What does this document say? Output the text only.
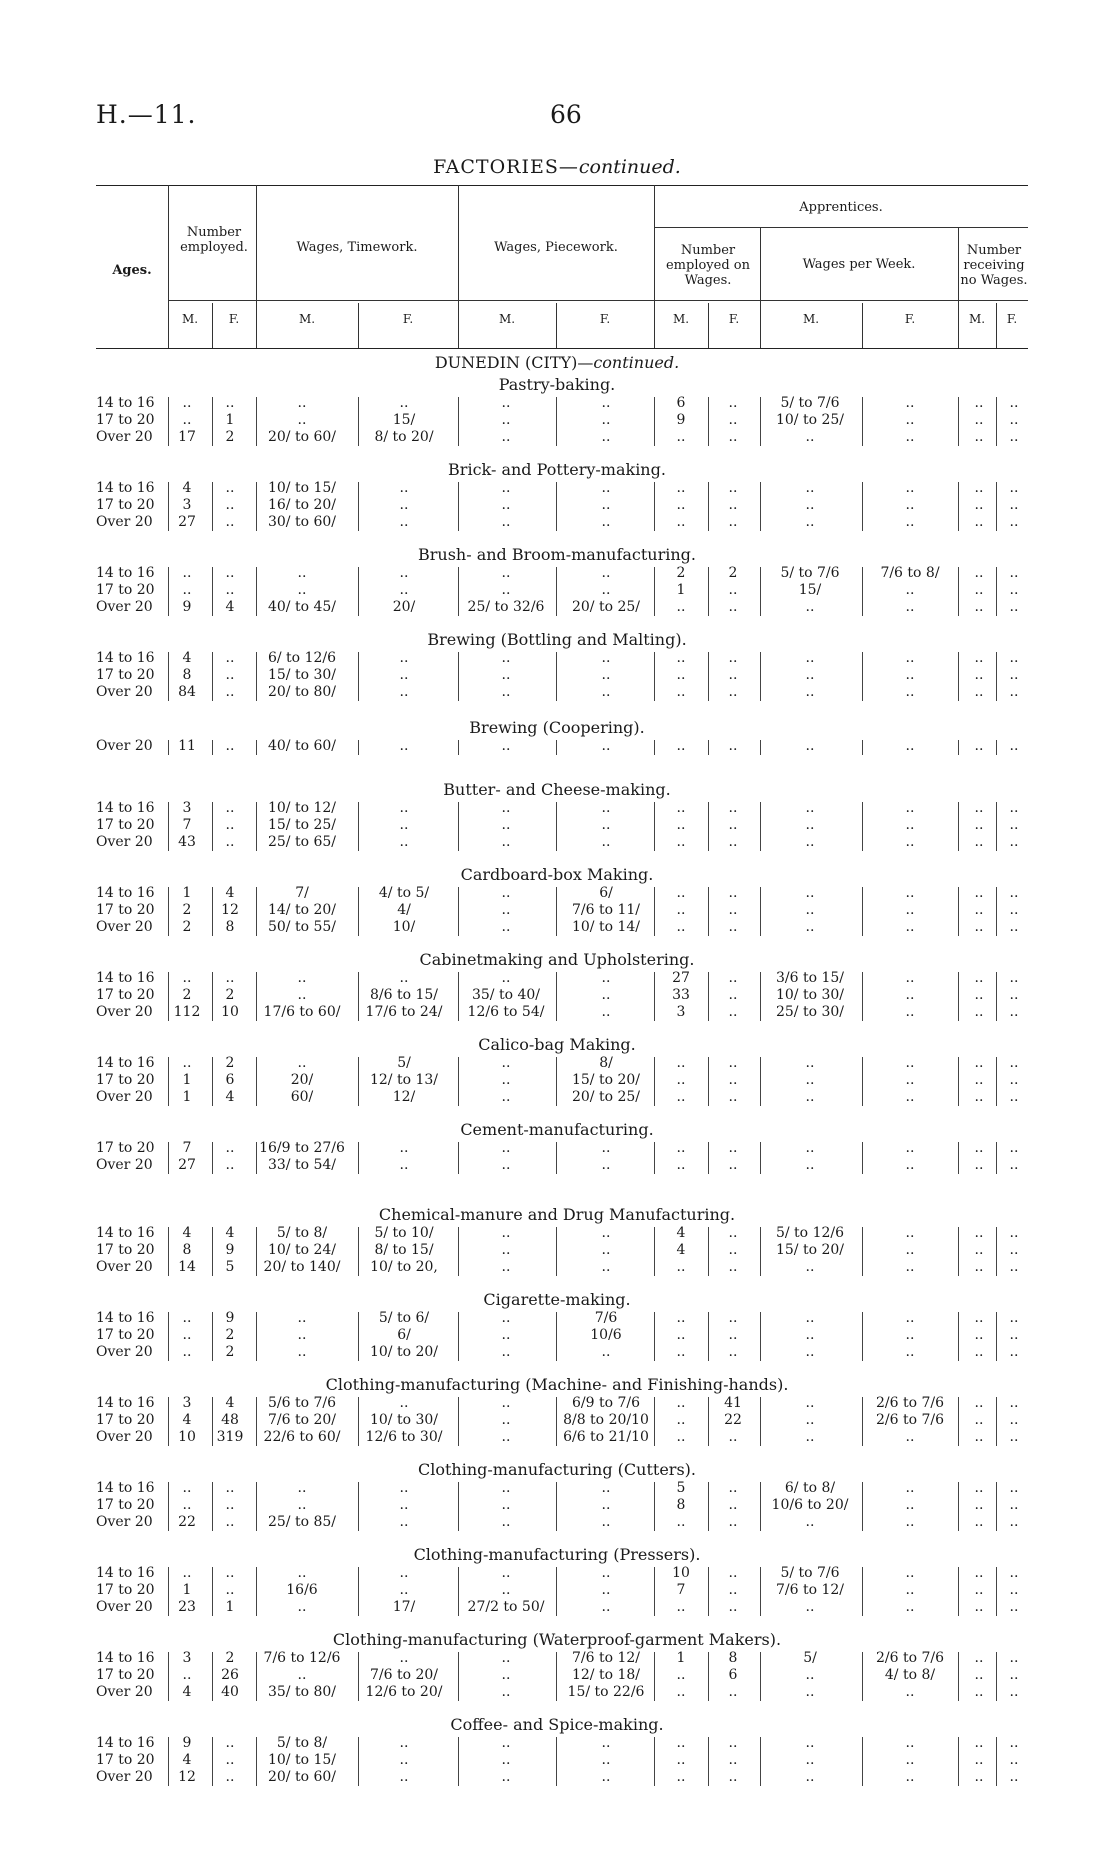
H.—11.	66
FACTORIES—continued.
Ages.
Number employed.	Wages, Timework.	Wages, Piecework.
Apprentices.
Number employed on Wages.
Wages per Week.
Number receiving no Wages.
M.	F.	M.	F.	M.	F.	M.	F.	M.	F.	M.	F.
DUNEDIN (CITY)—continued.
Pastry-baking.
14 to 16	..	..	..	..	..	..	6	..	5/ to 7/6	..	..	..
17 to 20	..	1	..	15/	..	..	9	..	10/ to 25/	..	..	..
Over 20	17	2	20/ to 60/	8/ to 20/	..	..	..	..	..	..	..	..
Brick- and Pottery-making.
14 to 16	4	..	10/ to 15/	..	..	..	..	..	..	..	..	..
17 to 20	3	..	16/ to 20/	..	..	..	..	..	..	..	..	..
Over 20	27	..	30/ to 60/	..	..	..	..	..	..	..	..	..
Brush- and Broom-manufacturing.
14 to 16	..	..	..	..	..	..	2	2	5/ to 7/6	7/6 to 8/	..	..
17 to 20	..	..	..	..	..	..	1	..	15/	..	..	..
Over 20	9	4	40/ to 45/	20/	25/ to 32/6	20/ to 25/	..	..	..	..	..	..
Brewing (Bottling and Malting).
14 to 16	4	..	6/ to 12/6	..	..	..	..	..	..	..	..	..
17 to 20	8	..	15/ to 30/	..	..	..	..	..	..	..	..	..
Over 20	84	..	20/ to 80/	..	..	..	..	..	..	..	..	..
Brewing (Coopering).
Over 20	11	..	40/ to 60/	..	..	..	..	..	..	..	..	..
Butter- and Cheese-making.
14 to 16	3	..	10/ to 12/	..	..	..	..	..	..	..	..	..
17 to 20	7	..	15/ to 25/	..	..	..	..	..	..	..	..	..
Over 20	43	..	25/ to 65/	..	..	..	..	..	..	..	..	..
Cardboard-box Making.
14 to 16	1	4	7/	4/ to 5/	..	6/	..	..	..	..	..	..
17 to 20	2	12	14/ to 20/	4/	..	7/6 to 11/	..	..	..	..	..	..
Over 20	2	8	50/ to 55/	10/	..	10/ to 14/	..	..	..	..	..	..
Cabinetmaking and Upholstering.
14 to 16	..	..	..	..	..	..	27	..	3/6 to 15/	..	..	..
17 to 20	2	2	..	8/6 to 15/	35/ to 40/	..	33	..	10/ to 30/	..	..	..
Over 20	112	10	17/6 to 60/	17/6 to 24/	12/6 to 54/	..	3	..	25/ to 30/	..	..	..
Calico-bag Making.
14 to 16	..	2	..	5/	..	8/	..	..	..	..	..	..
17 to 20	1	6	20/	12/ to 13/	..	15/ to 20/	..	..	..	..	..	..
Over 20	1	4	60/	12/	..	20/ to 25/	..	..	..	..	..	..
Cement-manufacturing.
17 to 20	7	..	16/9 to 27/6	..	..	..	..	..	..	..	..	..
Over 20	27	..	33/ to 54/	..	..	..	..	..	..	..	..	..
Chemical-manure and Drug Manufacturing.
14 to 16	4	4	5/ to 8/	5/ to 10/	..	..	4	..	5/ to 12/6	..	..	..
17 to 20	8	9	10/ to 24/	8/ to 15/	..	..	4	..	15/ to 20/	..	..	..
Over 20	14	5	20/ to 140/	10/ to 20,	..	..	..	..	..	..	..	..
Cigarette-making.
14 to 16	..	9	..	5/ to 6/	..	7/6	..	..	..	..	..	..
17 to 20	..	2	..	6/	..	10/6	..	..	..	..	..	..
Over 20	..	2	..	10/ to 20/	..	..	..	..	..	..	..	..
Clothing-manufacturing (Machine- and Finishing-hands).
14 to 16	3	4	5/6 to 7/6	..	..	6/9 to 7/6	..	41	..	2/6 to 7/6	..	..
17 to 20	4	48	7/6 to 20/	10/ to 30/	..	8/8 to 20/10	..	22	..	2/6 to 7/6	..	..
Over 20	10	319	22/6 to 60/	12/6 to 30/	..	6/6 to 21/10	..	..	..	..	..	..
Clothing-manufacturing (Cutters).
14 to 16	..	..	..	..	..	..	5	..	6/ to 8/	..	..	..
17 to 20	..	..	..	..	..	..	8	..	10/6 to 20/	..	..	..
Over 20	22	..	25/ to 85/	..	..	..	..	..	..	..	..	..
Clothing-manufacturing (Pressers).
14 to 16	..	..	..	..	..	..	10	..	5/ to 7/6	..	..	..
17 to 20	1	..	16/6	..	..	..	7	..	7/6 to 12/	..	..	..
Over 20	23	1	..	17/	27/2 to 50/	..	..	..	..	..	..	..
Clothing-manufacturing (Waterproof-garment Makers).
14 to 16	3	2	7/6 to 12/6	..	..	7/6 to 12/	1	8	5/	2/6 to 7/6	..	..
17 to 20	..	26	..	7/6 to 20/	..	12/ to 18/	..	6	..	4/ to 8/	..	..
Over 20	4	40	35/ to 80/	12/6 to 20/	..	15/ to 22/6	..	..	..	..	..	..
Coffee- and Spice-making.
14 to 16	9	..	5/ to 8/	..	..	..	..	..	..	..	..	..
17 to 20	4	..	10/ to 15/	..	..	..	..	..	..	..	..	..
Over 20	12	..	20/ to 60/	..	..	..	..	..	..	..	..	..
